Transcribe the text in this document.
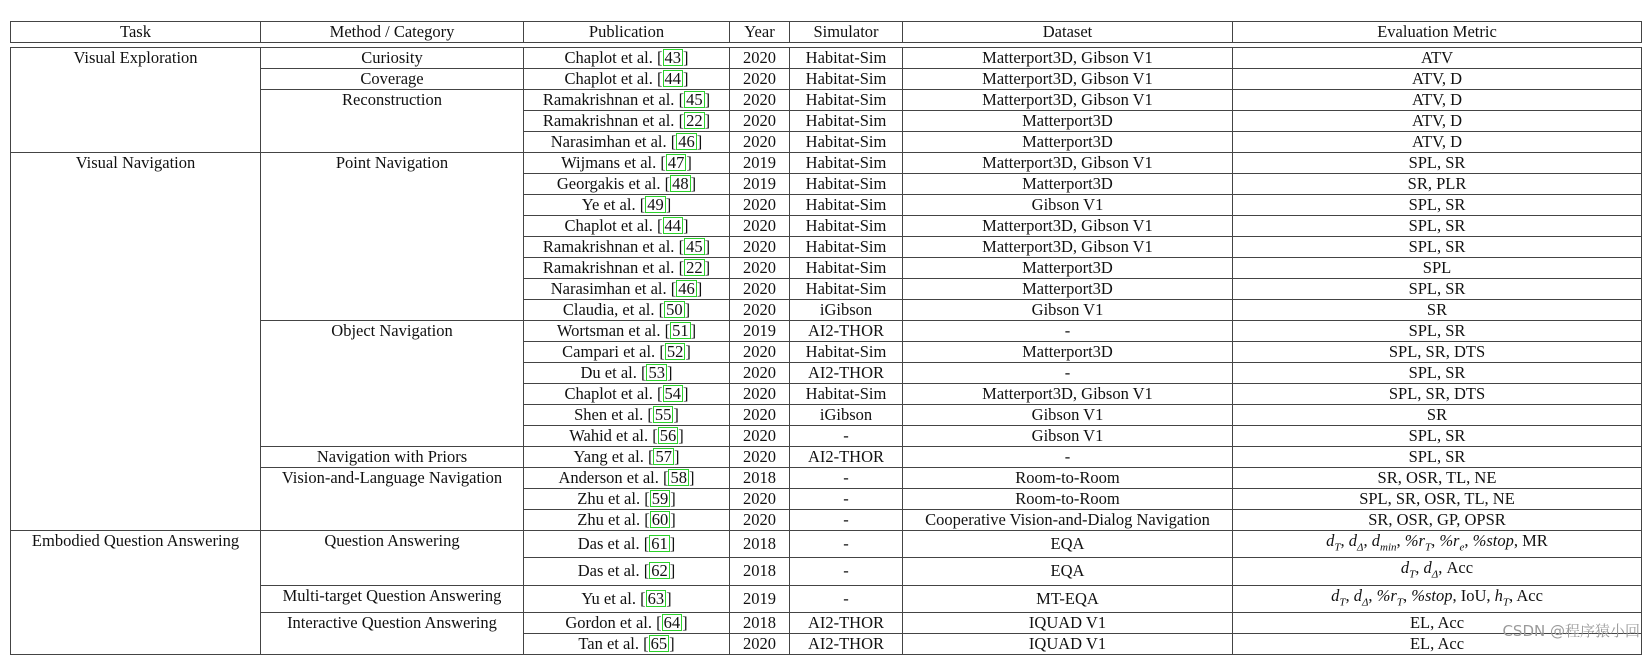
Task	Method / Category	Publication	Year	Simulator	Dataset	Evaluation Metric

Visual Exploration	Curiosity	Chaplot et al. [ 43 ]	2020	Habitat-Sim	Matterport3D, Gibson V1	ATV
	Coverage	Chaplot et al. [ 44 ]	2020	Habitat-Sim	Matterport3D, Gibson V1	ATV, D
	Reconstruction	Ramakrishnan et al. [ 45 ]	2020	Habitat-Sim	Matterport3D, Gibson V1	ATV, D
		Ramakrishnan et al. [ 22 ]	2020	Habitat-Sim	Matterport3D	ATV, D
		Narasimhan et al. [ 46 ]	2020	Habitat-Sim	Matterport3D	ATV, D
Visual Navigation	Point Navigation	Wijmans et al. [ 47 ]	2019	Habitat-Sim	Matterport3D, Gibson V1	SPL, SR
		Georgakis et al. [ 48 ]	2019	Habitat-Sim	Matterport3D	SR, PLR
		Ye et al. [ 49 ]	2020	Habitat-Sim	Gibson V1	SPL, SR
		Chaplot et al. [ 44 ]	2020	Habitat-Sim	Matterport3D, Gibson V1	SPL, SR
		Ramakrishnan et al. [ 45 ]	2020	Habitat-Sim	Matterport3D, Gibson V1	SPL, SR
		Ramakrishnan et al. [ 22 ]	2020	Habitat-Sim	Matterport3D	SPL
		Narasimhan et al. [ 46 ]	2020	Habitat-Sim	Matterport3D	SPL, SR
		Claudia, et al. [ 50 ]	2020	iGibson	Gibson V1	SR
	Object Navigation	Wortsman et al. [ 51 ]	2019	AI2-THOR	-	SPL, SR
		Campari et al. [ 52 ]	2020	Habitat-Sim	Matterport3D	SPL, SR, DTS
		Du et al. [ 53 ]	2020	AI2-THOR	-	SPL, SR
		Chaplot et al. [ 54 ]	2020	Habitat-Sim	Matterport3D, Gibson V1	SPL, SR, DTS
		Shen et al. [ 55 ]	2020	iGibson	Gibson V1	SR
		Wahid et al. [ 56 ]	2020	-	Gibson V1	SPL, SR
	Navigation with Priors	Yang et al. [ 57 ]	2020	AI2-THOR	-	SPL, SR
	Vision-and-Language Navigation	Anderson et al. [ 58 ]	2018	-	Room-to-Room	SR, OSR, TL, NE
		Zhu et al. [ 59 ]	2020	-	Room-to-Room	SPL, SR, OSR, TL, NE
		Zhu et al. [ 60 ]	2020	-	Cooperative Vision-and-Dialog Navigation	SR, OSR, GP, OPSR
Embodied Question Answering	Question Answering	Das et al. [ 61 ]	2018	-	EQA	$d_T$, $d_\Delta$, $d_{min}$, $\%r_T$, $\%r_e$, %stop, MR
		Das et al. [ 62 ]	2018	-	EQA	$d_T$, $d_\Delta$, Acc
	Multi-target Question Answering	Yu et al. [ 63 ]	2019	-	MT-EQA	$d_T$, $d_\Delta$, $\%r_T$, %stop, IoU, $h_T$, Acc
	Interactive Question Answering	Gordon et al. [ 64 ]	2018	AI2-THOR	IQUAD V1	EL, Acc
		Tan et al. [ 65 ]	2020	AI2-THOR	IQUAD V1	EL, Acc
CSDN @程序猿小回
